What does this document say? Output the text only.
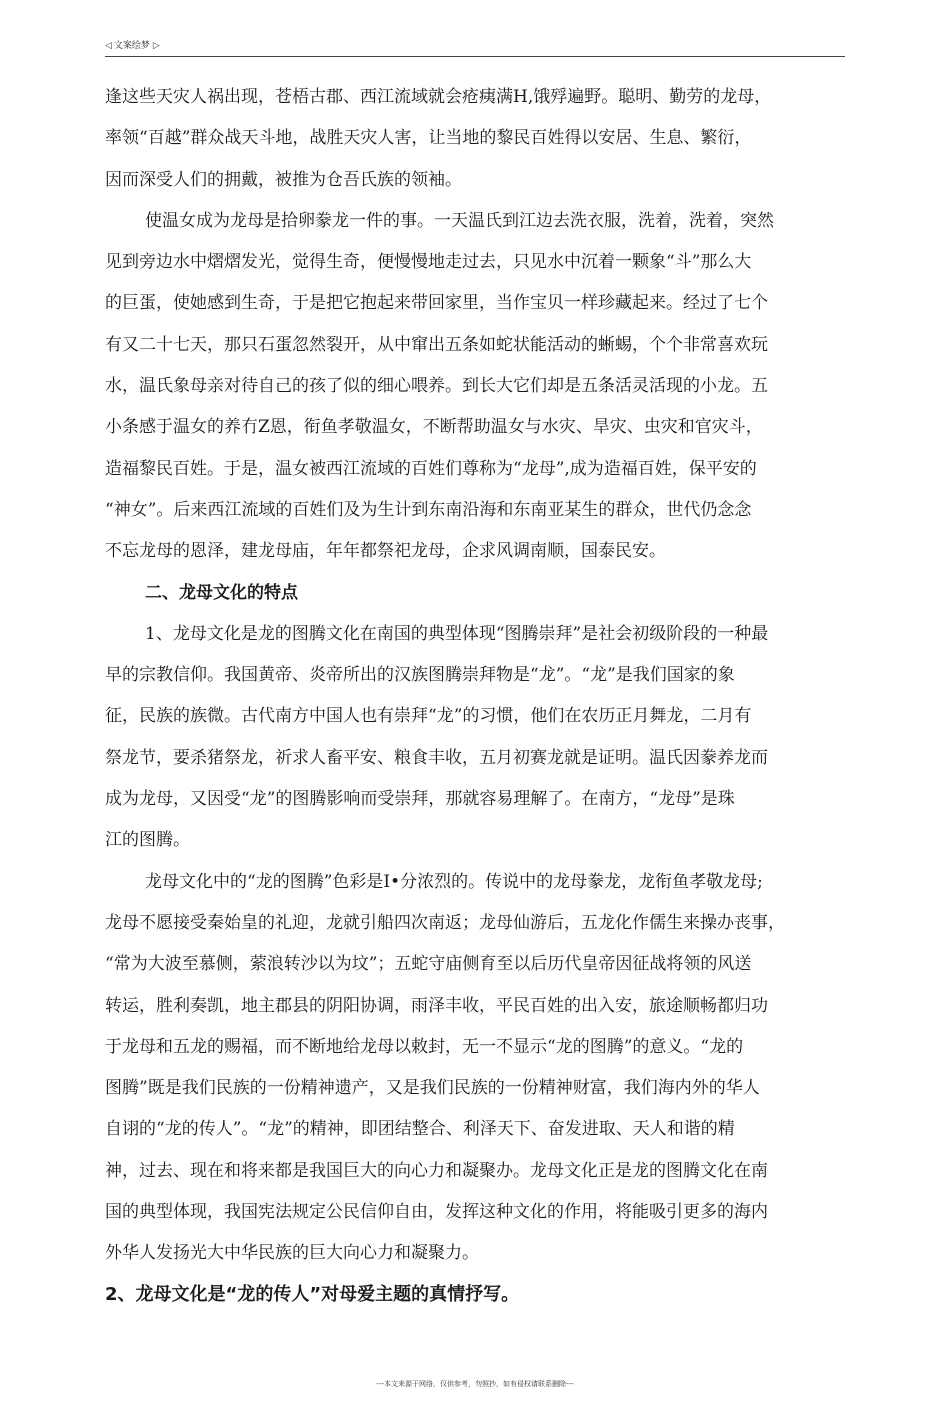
◁ 文案绘梦 ▷
逢这些天灾人祸出现，苍梧古郡、西江流域就会疮痍满H,饿殍遍野。聪明、勤劳的龙母，
率领“百越”群众战天斗地，战胜天灾人害，让当地的黎民百姓得以安居、生息、繁衍，
因而深受人们的拥戴，被推为仓吾氏族的领袖。
使温女成为龙母是拾卵豢龙一件的事。一天温氏到江边去洗衣服，洗着，洗着，突然
见到旁边水中熠熠发光，觉得生奇，便慢慢地走过去，只见水中沉着一颗象“斗”那么大
的巨蛋，使她感到生奇，于是把它抱起来带回家里，当作宝贝一样珍藏起来。经过了七个
有又二十七天，那只石蛋忽然裂开，从中窜出五条如蛇状能活动的蜥蜴，个个非常喜欢玩
水，温氏象母亲对待自己的孩了似的细心喂养。到长大它们却是五条活灵活现的小龙。五
小条感于温女的养冇Z恩，衔鱼孝敬温女，不断帮助温女与水灾、旱灾、虫灾和官灾斗，
造福黎民百姓。于是，温女被西江流域的百姓们尊称为“龙母”,成为造福百姓，保平安的
“神女”。后来西江流域的百姓们及为生计到东南沿海和东南亚某生的群众，世代仍念念
不忘龙母的恩泽，建龙母庙，年年都祭祀龙母，企求风调南顺，国泰民安。
二、龙母文化的特点
1、龙母文化是龙的图腾文化在南国的典型体现“图腾崇拜”是社会初级阶段的一种最
早的宗教信仰。我国黄帝、炎帝所出的汉族图腾崇拜物是“龙”。“龙”是我们国家的象
征，民族的族微。古代南方中国人也有崇拜“龙”的习惯，他们在农历正月舞龙，二月有
祭龙节，要杀猪祭龙，祈求人畜平安、粮食丰收，五月初赛龙就是证明。温氏因豢养龙而
成为龙母，又因受“龙”的图腾影响而受崇拜，那就容易理解了。在南方，“龙母”是珠
江的图腾。
龙母文化中的“龙的图腾”色彩是I•分浓烈的。传说中的龙母豢龙，龙衔鱼孝敬龙母;
龙母不愿接受秦始皇的礼迎，龙就引船四次南返；龙母仙游后，五龙化作儒生来操办丧事，
“常为大波至慕侧，萦浪转沙以为坟”；五蛇守庙侧育至以后历代皇帝因征战将领的风送
转运，胜利奏凯，地主郡县的阴阳协调，雨泽丰收，平民百姓的出入安，旅途顺畅都归功
于龙母和五龙的赐福，而不断地给龙母以敕封，无一不显示“龙的图腾”的意义。“龙的
图腾”既是我们民族的一份精神遗产，又是我们民族的一份精神财富，我们海内外的华人
自诩的“龙的传人”。“龙”的精神，即团结整合、利泽天下、奋发进取、天人和谐的精
神，过去、现在和将来都是我国巨大的向心力和凝聚办。龙母文化正是龙的图腾文化在南
国的典型体现，我国宪法规定公民信仰自由，发挥这种文化的作用，将能吸引更多的海内
外华人发扬光大中华民族的巨大向心力和凝聚力。
2、龙母文化是“龙的传人”对母爱主题的真情抒写。
---本文来源于网络，仅供参考，勿照抄，如有侵权请联系删除---
